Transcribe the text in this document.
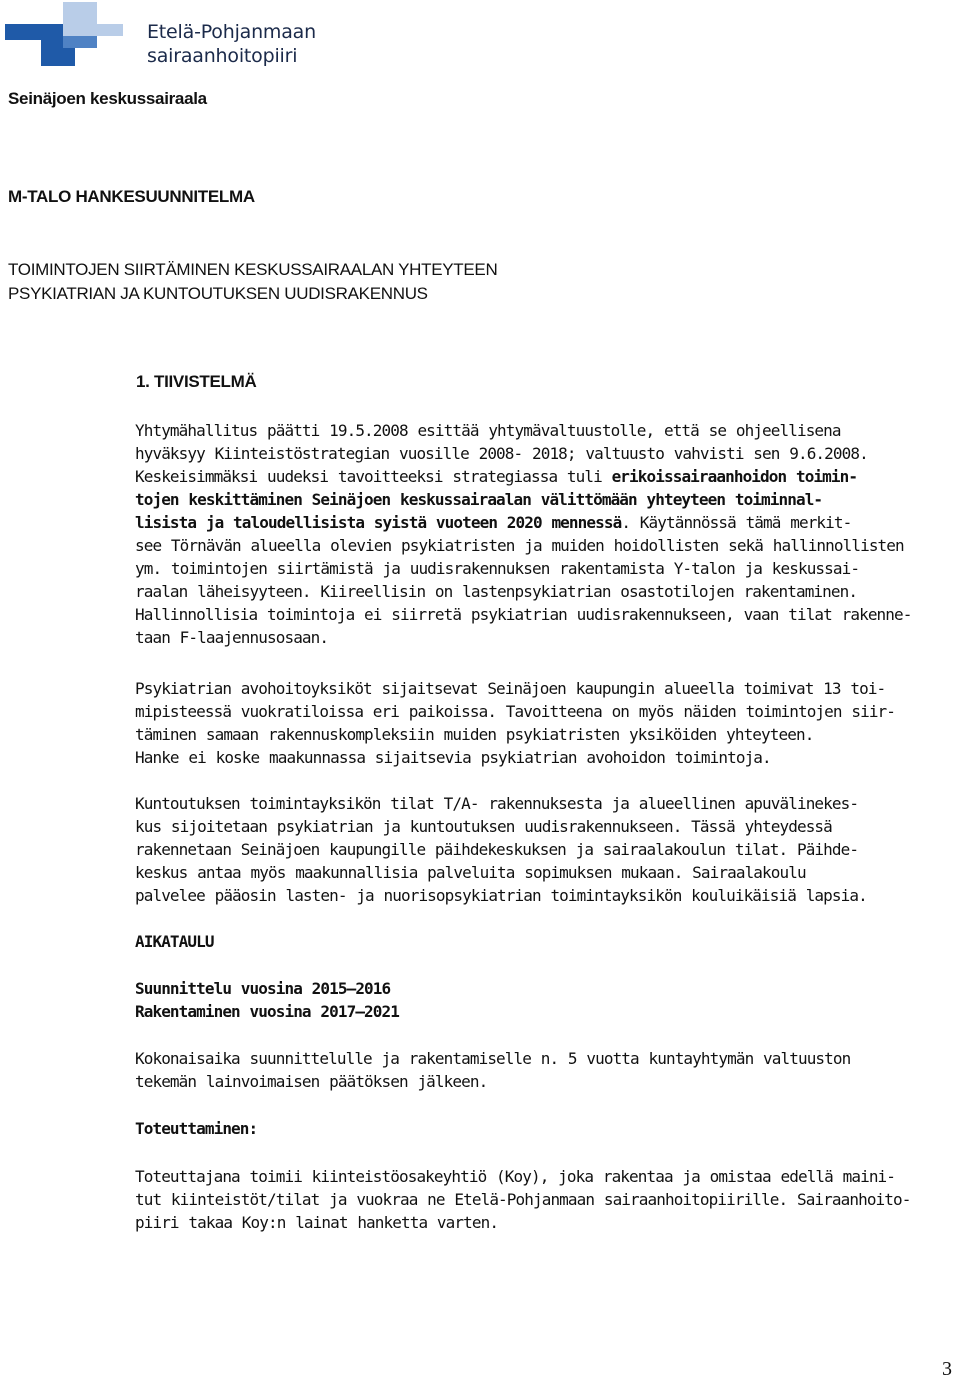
Etelä-Pohjanmaan
sairaanhoitopiiri
Seinäjoen keskussairaala
M-TALO HANKESUUNNITELMA
TOIMINTOJEN SIIRTÄMINEN KESKUSSAIRAALAN YHTEYTEEN
PSYKIATRIAN JA KUNTOUTUKSEN UUDISRAKENNUS
1. TIIVISTELMÄ
Yhtymähallitus päätti 19.5.2008 esittää yhtymävaltuustolle, että se ohjeellisena
hyväksyy Kiinteistöstrategian vuosille 2008- 2018; valtuusto vahvisti sen 9.6.2008.
Keskeisimmäksi uudeksi tavoitteeksi strategiassa tuli erikoissairaanhoidon toimin-
tojen keskittäminen Seinäjoen keskussairaalan välittömään yhteyteen toiminnal-
lisista ja taloudellisista syistä vuoteen 2020 mennessä. Käytännössä tämä merkit-
see Törnävän alueella olevien psykiatristen ja muiden hoidollisten sekä hallinnollisten
ym. toimintojen siirtämistä ja uudisrakennuksen rakentamista Y-talon ja keskussai-
raalan läheisyyteen. Kiireellisin on lastenpsykiatrian osastotilojen rakentaminen.
Hallinnollisia toimintoja ei siirretä psykiatrian uudisrakennukseen, vaan tilat rakenne-
taan F-laajennusosaan.
Psykiatrian avohoitoyksiköt sijaitsevat Seinäjoen kaupungin alueella toimivat 13 toi-
mipisteessä vuokratiloissa eri paikoissa. Tavoitteena on myös näiden toimintojen siir-
täminen samaan rakennuskompleksiin muiden psykiatristen yksiköiden yhteyteen.
Hanke ei koske maakunnassa sijaitsevia psykiatrian avohoidon toimintoja.
Kuntoutuksen toimintayksikön tilat T/A- rakennuksesta ja alueellinen apuvälinekes-
kus sijoitetaan psykiatrian ja kuntoutuksen uudisrakennukseen. Tässä yhteydessä
rakennetaan Seinäjoen kaupungille päihdekeskuksen ja sairaalakoulun tilat. Päihde-
keskus antaa myös maakunnallisia palveluita sopimuksen mukaan. Sairaalakoulu
palvelee pääosin lasten- ja nuorisopsykiatrian toimintayksikön kouluikäisiä lapsia.
AIKATAULU
Suunnittelu vuosina 2015—2016
Rakentaminen vuosina 2017—2021
Kokonaisaika suunnittelulle ja rakentamiselle n. 5 vuotta kuntayhtymän valtuuston
tekemän lainvoimaisen päätöksen jälkeen.
Toteuttaminen:
Toteuttajana toimii kiinteistöosakeyhtiö (Koy), joka rakentaa ja omistaa edellä maini-
tut kiinteistöt/tilat ja vuokraa ne Etelä-Pohjanmaan sairaanhoitopiirille. Sairaanhoito-
piiri takaa Koy:n lainat hanketta varten.
3
